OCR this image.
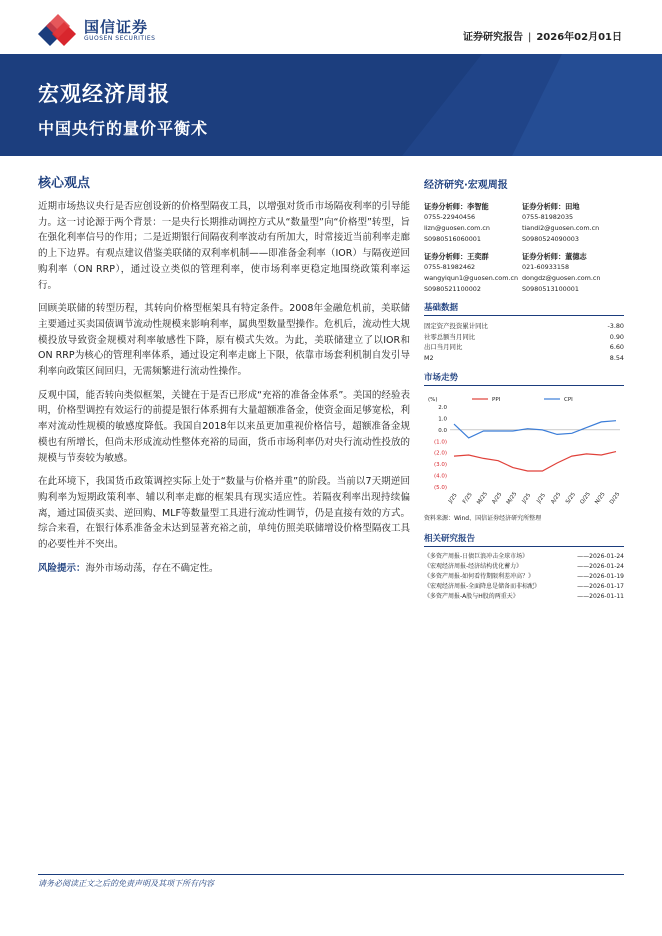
国信证券
GUOSEN SECURITIES	证券研究报告 | 2026年02月01日
宏观经济周报
中国央行的量价平衡术
核心观点

近期市场热议央行是否应创设新的价格型隔夜工具，以增强对货币市场隔夜利率的引导能力。这一讨论源于两个背景：一是央行长期推动调控方式从“数量型”向“价格型”转型，旨在强化利率信号的作用；二是近期银行间隔夜利率波动有所加大，时常接近当前利率走廊的上下边界。有观点建议借鉴美联储的双利率机制——即准备金利率（IOR）与隔夜逆回购利率（ON RRP），通过设立类似的管理利率，使市场利率更稳定地围绕政策利率运行。

回顾美联储的转型历程，其转向价格型框架具有特定条件。2008年金融危机前，美联储主要通过买卖国债调节流动性规模来影响利率，属典型数量型操作。危机后，流动性大规模投放导致资金规模对利率敏感性下降，原有模式失效。为此，美联储建立了以IOR和ON RRP为核心的管理利率体系，通过设定利率走廊上下限，依靠市场套利机制自发引导利率向政策区间回归，无需频繁进行流动性操作。

反观中国，能否转向类似框架，关键在于是否已形成“充裕的准备金体系”。美国的经验表明，价格型调控有效运行的前提是银行体系拥有大量超额准备金，使资金面足够宽松，利率对流动性规模的敏感度降低。我国自2018年以来虽更加重视价格信号，超额准备金规模也有所增长，但尚未形成流动性整体充裕的局面，货币市场利率仍对央行流动性投放的规模与节奏较为敏感。

在此环境下，我国货币政策调控实际上处于“数量与价格并重”的阶段。当前以7天期逆回购利率为短期政策利率、辅以利率走廊的框架具有现实适应性。若隔夜利率出现持续偏离，通过国债买卖、逆回购、MLF等数量型工具进行流动性调节，仍是直接有效的方式。综合来看，在银行体系准备金未达到显著充裕之前，单纯仿照美联储增设价格型隔夜工具的必要性并不突出。

风险提示：海外市场动荡，存在不确定性。

经济研究·宏观周报
证券分析师：李智能
0755-22940456
lizn@guosen.com.cn
S0980516060001
证券分析师：田地
0755-81982035
tiandi2@guosen.com.cn
S0980524090003
证券分析师：王奕群
0755-81982462
wangyiqun1@guosen.com.cn
S0980521100002
证券分析师：董德志
021-60933158
dongdz@guosen.com.cn
S0980513100001
基础数据
固定资产投资累计同比	-3.80
社零总额当月同比	0.90
出口当月同比	6.60
M2	8.54
市场走势
(%)
2.0
1.0
0.0
(1.0)
(2.0)
(3.0)
(4.0)
(5.0)
J/25 F/25 M/25 A/25 M/25 J/25 J/25 A/25 S/25 O/25 N/25 D/25
PPI	CPI
资料来源：Wind、国信证券经济研究所整理
相关研究报告
《多资产周报-日债巨浪冲击全球市场》	——2026-01-24
《宏观经济周报-经济结构优化蓄力》	——2026-01-24
《多资产周报-如何看待期限利差冲高？》	——2026-01-19
《宏观经济周报-全面降息是储备而非标配》	——2026-01-17
《多资产周报-A股与H股的两重天》	——2026-01-11
请务必阅读正文之后的免责声明及其项下所有内容
